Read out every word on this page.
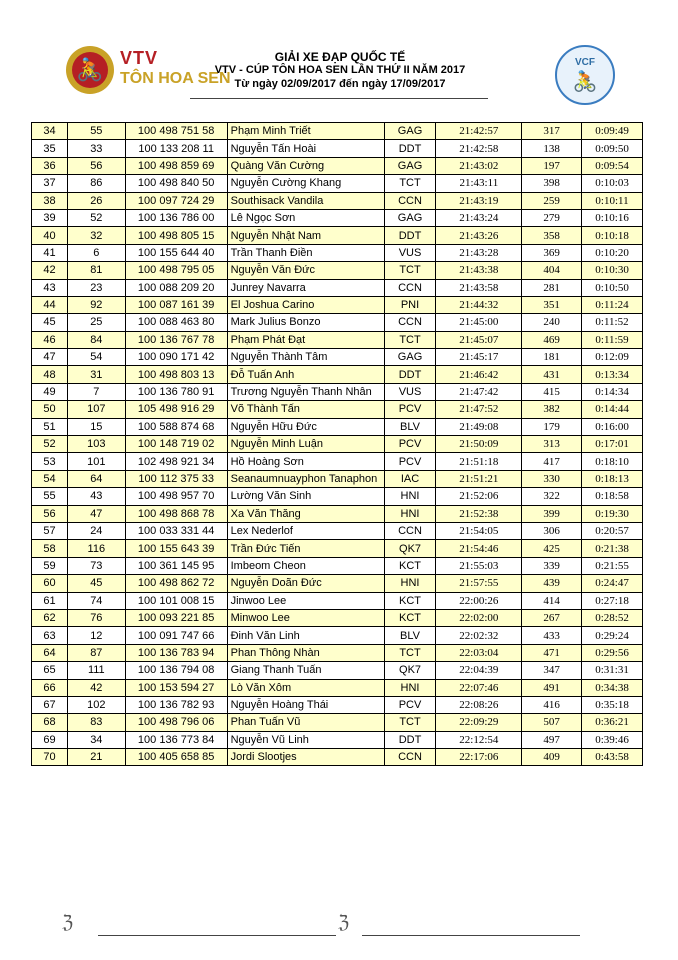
🚴 VTV
TÔN HOA SEN
GIẢI XE ĐẠP QUỐC TẾ
VTV - CÚP TÔN HOA SEN LẦN THỨ II NĂM 2017
Từ ngày 02/09/2017 đến ngày 17/09/2017
VCF
🚴
34	55	100 498 751 58	Phạm Minh Triết	GAG	21:42:57	317	0:09:49
35	33	100 133 208 11	Nguyễn Tấn Hoài	DDT	21:42:58	138	0:09:50
36	56	100 498 859 69	Quàng Văn Cường	GAG	21:43:02	197	0:09:54
37	86	100 498 840 50	Nguyễn Cường Khang	TCT	21:43:11	398	0:10:03
38	26	100 097 724 29	Southisack Vandila	CCN	21:43:19	259	0:10:11
39	52	100 136 786 00	Lê Ngọc Sơn	GAG	21:43:24	279	0:10:16
40	32	100 498 805 15	Nguyễn Nhật Nam	DDT	21:43:26	358	0:10:18
41	6	100 155 644 40	Trần Thanh Điền	VUS	21:43:28	369	0:10:20
42	81	100 498 795 05	Nguyễn Văn Đức	TCT	21:43:38	404	0:10:30
43	23	100 088 209 20	Junrey Navarra	CCN	21:43:58	281	0:10:50
44	92	100 087 161 39	El Joshua Carino	PNI	21:44:32	351	0:11:24
45	25	100 088 463 80	Mark Julius Bonzo	CCN	21:45:00	240	0:11:52
46	84	100 136 767 78	Phạm Phát Đạt	TCT	21:45:07	469	0:11:59
47	54	100 090 171 42	Nguyễn Thành Tâm	GAG	21:45:17	181	0:12:09
48	31	100 498 803 13	Đỗ Tuấn Anh	DDT	21:46:42	431	0:13:34
49	7	100 136 780 91	Trương Nguyễn Thanh Nhân	VUS	21:47:42	415	0:14:34
50	107	105 498 916 29	Võ Thành Tấn	PCV	21:47:52	382	0:14:44
51	15	100 588 874 68	Nguyễn Hữu Đức	BLV	21:49:08	179	0:16:00
52	103	100 148 719 02	Nguyễn Minh Luận	PCV	21:50:09	313	0:17:01
53	101	102 498 921 34	Hồ Hoàng Sơn	PCV	21:51:18	417	0:18:10
54	64	100 112 375 33	Seanaumnuayphon Tanaphon	IAC	21:51:21	330	0:18:13
55	43	100 498 957 70	Lường Văn Sinh	HNI	21:52:06	322	0:18:58
56	47	100 498 868 78	Xa Văn Thăng	HNI	21:52:38	399	0:19:30
57	24	100 033 331 44	Lex Nederlof	CCN	21:54:05	306	0:20:57
58	116	100 155 643 39	Trần Đức Tiến	QK7	21:54:46	425	0:21:38
59	73	100 361 145 95	Imbeom Cheon	KCT	21:55:03	339	0:21:55
60	45	100 498 862 72	Nguyễn Doãn Đức	HNI	21:57:55	439	0:24:47
61	74	100 101 008 15	Jinwoo Lee	KCT	22:00:26	414	0:27:18
62	76	100 093 221 85	Minwoo Lee	KCT	22:02:00	267	0:28:52
63	12	100 091 747 66	Đinh Văn Linh	BLV	22:02:32	433	0:29:24
64	87	100 136 783 94	Phan Thông Nhàn	TCT	22:03:04	471	0:29:56
65	111	100 136 794 08	Giang Thanh Tuấn	QK7	22:04:39	347	0:31:31
66	42	100 153 594 27	Lò Văn Xôm	HNI	22:07:46	491	0:34:38
67	102	100 136 782 93	Nguyễn Hoàng Thái	PCV	22:08:26	416	0:35:18
68	83	100 498 796 06	Phan Tuấn Vũ	TCT	22:09:29	507	0:36:21
69	34	100 136 773 84	Nguyễn Vũ Linh	DDT	22:12:54	497	0:39:46
70	21	100 405 658 85	Jordi Slootjes	CCN	22:17:06	409	0:43:58
ℨ	ℨ
